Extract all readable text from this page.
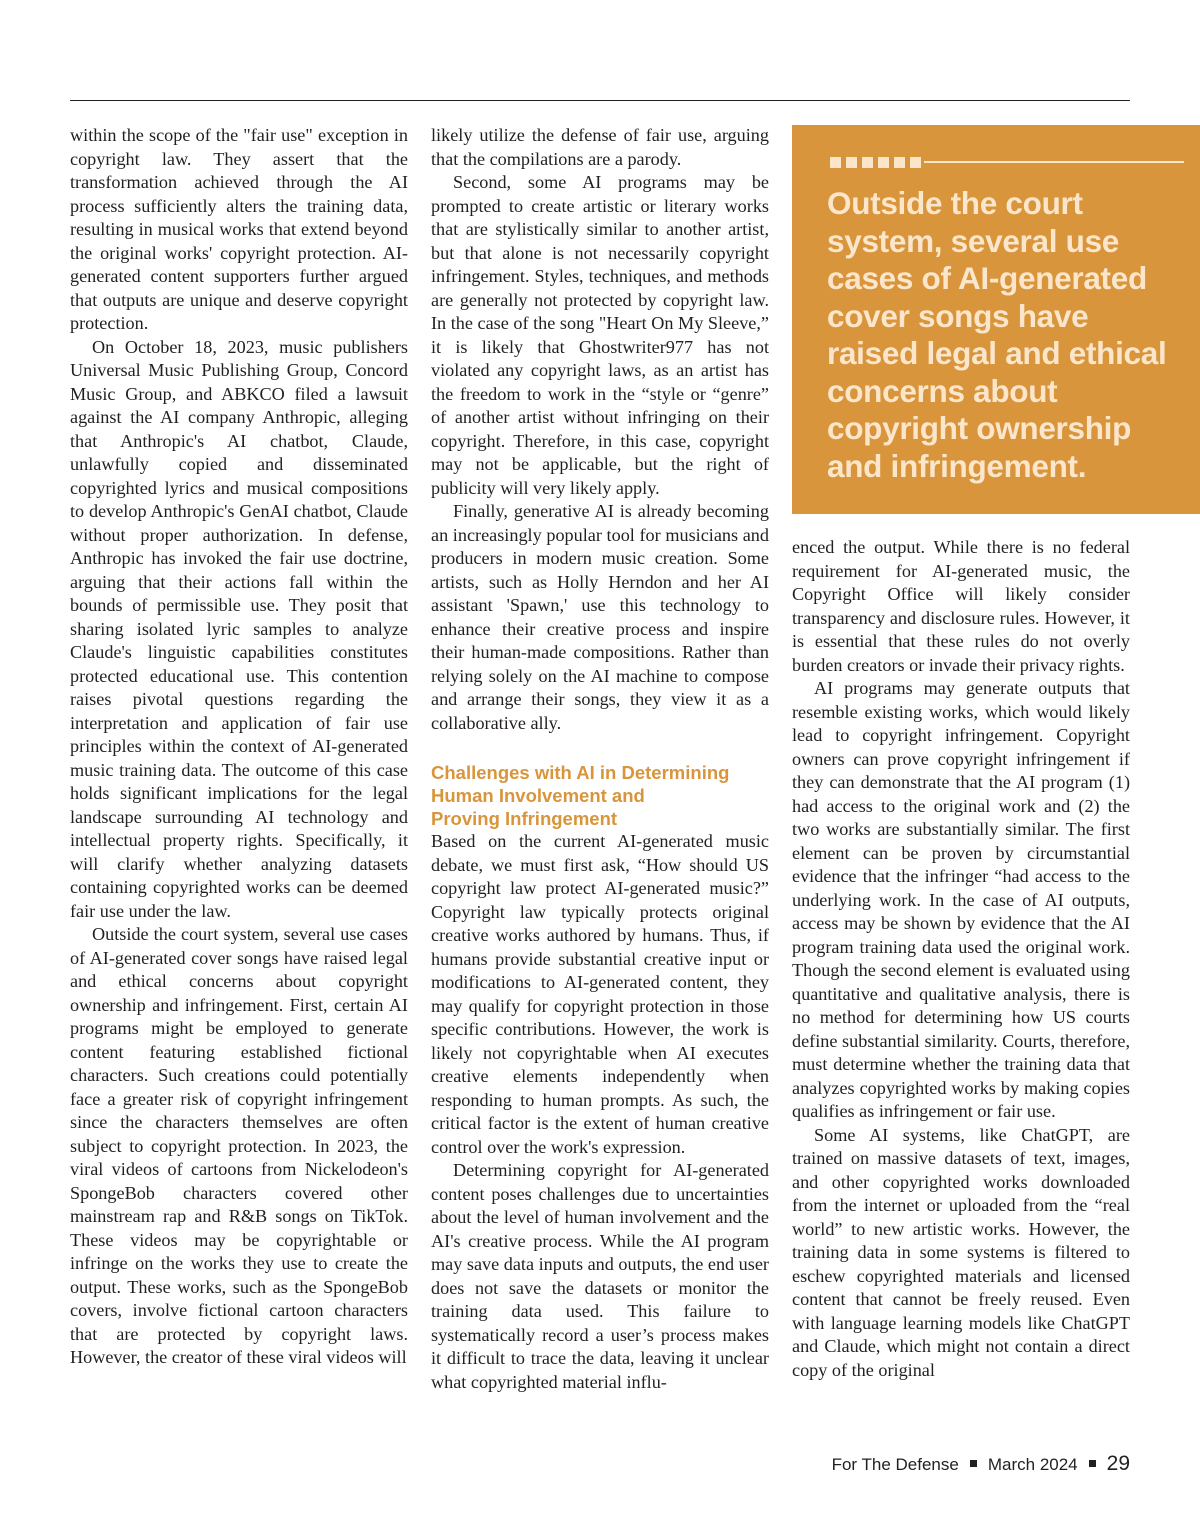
within the scope of the "fair use" exception in copyright law. They assert that the transformation achieved through the AI process sufficiently alters the training data, resulting in musical works that extend beyond the original works' copyright protection. AI-generated content supporters further argued that outputs are unique and deserve copyright protection.

On October 18, 2023, music publishers Universal Music Publishing Group, Concord Music Group, and ABKCO filed a lawsuit against the AI company Anthropic, alleging that Anthropic's AI chatbot, Claude, unlawfully copied and disseminated copyrighted lyrics and musical compositions to develop Anthropic's GenAI chatbot, Claude without proper authorization. In defense, Anthropic has invoked the fair use doctrine, arguing that their actions fall within the bounds of permissible use. They posit that sharing isolated lyric samples to analyze Claude's linguistic capabilities constitutes protected educational use. This contention raises pivotal questions regarding the interpretation and application of fair use principles within the context of AI-generated music training data. The outcome of this case holds significant implications for the legal landscape surrounding AI technology and intellectual property rights. Specifically, it will clarify whether analyzing datasets containing copyrighted works can be deemed fair use under the law.

Outside the court system, several use cases of AI-generated cover songs have raised legal and ethical concerns about copyright ownership and infringement. First, certain AI programs might be employed to generate content featuring established fictional characters. Such creations could potentially face a greater risk of copyright infringement since the characters themselves are often subject to copyright protection. In 2023, the viral videos of cartoons from Nickelodeon's SpongeBob characters covered other mainstream rap and R&B songs on TikTok. These videos may be copyrightable or infringe on the works they use to create the output. These works, such as the SpongeBob covers, involve fictional cartoon characters that are protected by copyright laws. However, the creator of these viral videos will

likely utilize the defense of fair use, arguing that the compilations are a parody.

Second, some AI programs may be prompted to create artistic or literary works that are stylistically similar to another artist, but that alone is not necessarily copyright infringement. Styles, techniques, and methods are generally not protected by copyright law. In the case of the song "Heart On My Sleeve,” it is likely that Ghostwriter977 has not violated any copyright laws, as an artist has the freedom to work in the “style or “genre” of another artist without infringing on their copyright. Therefore, in this case, copyright may not be applicable, but the right of publicity will very likely apply.

Finally, generative AI is already becoming an increasingly popular tool for musicians and producers in modern music creation. Some artists, such as Holly Herndon and her AI assistant 'Spawn,' use this technology to enhance their creative process and inspire their human-made compositions. Rather than relying solely on the AI machine to compose and arrange their songs, they view it as a collaborative ally.

Challenges with AI in Determining
Human Involvement and
Proving Infringement

Based on the current AI-generated music debate, we must first ask, “How should US copyright law protect AI-generated music?” Copyright law typically protects original creative works authored by humans. Thus, if humans provide substantial creative input or modifications to AI-generated content, they may qualify for copyright protection in those specific contributions. However, the work is likely not copyrightable when AI executes creative elements independently when responding to human prompts. As such, the critical factor is the extent of human creative control over the work's expression.

Determining copyright for AI-generated content poses challenges due to uncertainties about the level of human involvement and the AI's creative process. While the AI program may save data inputs and outputs, the end user does not save the datasets or monitor the training data used. This failure to systematically record a user’s process makes it difficult to trace the data, leaving it unclear what copyrighted material influ-

Outside the court system, several use cases of AI-generated cover songs have raised legal and ethical concerns about copyright ownership and infringement.

enced the output. While there is no federal requirement for AI-generated music, the Copyright Office will likely consider transparency and disclosure rules. However, it is essential that these rules do not overly burden creators or invade their privacy rights.

AI programs may generate outputs that resemble existing works, which would likely lead to copyright infringement. Copyright owners can prove copyright infringement if they can demonstrate that the AI program (1) had access to the original work and (2) the two works are substantially similar. The first element can be proven by circumstantial evidence that the infringer “had access to the underlying work. In the case of AI outputs, access may be shown by evidence that the AI program training data used the original work. Though the second element is evaluated using quantitative and qualitative analysis, there is no method for determining how US courts define substantial similarity. Courts, therefore, must determine whether the training data that analyzes copyrighted works by making copies qualifies as infringement or fair use.

Some AI systems, like ChatGPT, are trained on massive datasets of text, images, and other copyrighted works downloaded from the internet or uploaded from the “real world” to new artistic works. However, the training data in some systems is filtered to eschew copyrighted materials and licensed content that cannot be freely reused. Even with language learning models like ChatGPT and Claude, which might not contain a direct copy of the original

For The Defense March 2024 29
